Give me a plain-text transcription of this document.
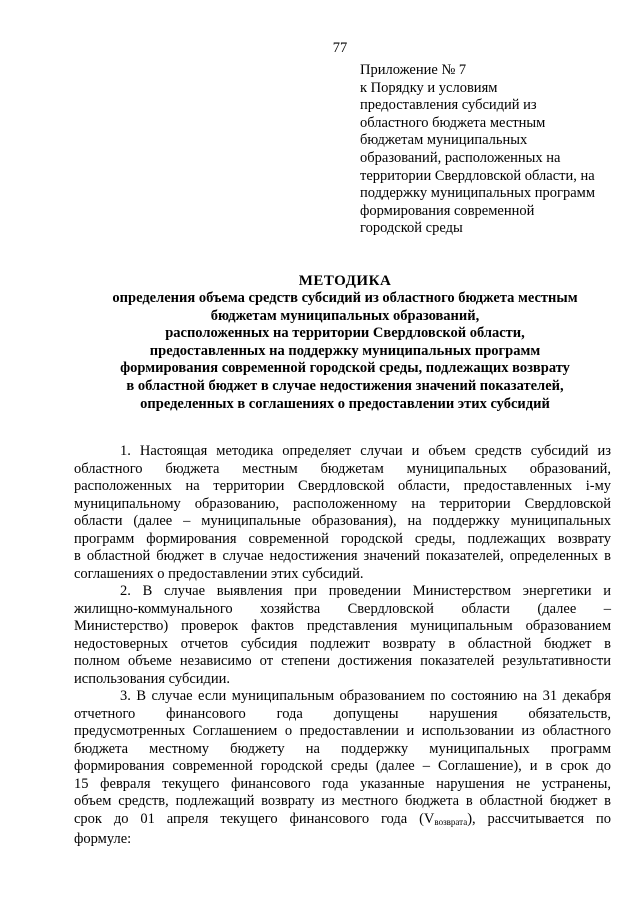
77
Приложение № 7
к Порядку и условиям
предоставления субсидий из
областного бюджета местным
бюджетам муниципальных
образований, расположенных на
территории Свердловской области, на
поддержку муниципальных программ
формирования современной
городской среды
МЕТОДИКА
определения объема средств субсидий из областного бюджета местным
бюджетам муниципальных образований,
расположенных на территории Свердловской области,
предоставленных на поддержку муниципальных программ
формирования современной городской среды, подлежащих возврату
в областной бюджет в случае недостижения значений показателей,
определенных в соглашениях о предоставлении этих субсидий
1. Настоящая методика определяет случаи и объем средств субсидий из
областного бюджета местным бюджетам муниципальных образований,
расположенных на территории Свердловской области, предоставленных i-му
муниципальному образованию, расположенному на территории Свердловской
области (далее – муниципальные образования), на поддержку муниципальных
программ формирования современной городской среды, подлежащих возврату
в областной бюджет в случае недостижения значений показателей, определенных в
соглашениях о предоставлении этих субсидий.
2. В случае выявления при проведении Министерством энергетики и
жилищно-коммунального хозяйства Свердловской области (далее –
Министерство) проверок фактов представления муниципальным образованием
недостоверных отчетов субсидия подлежит возврату в областной бюджет в
полном объеме независимо от степени достижения показателей результативности
использования субсидии.
3. В случае если муниципальным образованием по состоянию на 31 декабря
отчетного финансового года допущены нарушения обязательств,
предусмотренных Соглашением о предоставлении и использовании из областного
бюджета местному бюджету на поддержку муниципальных программ
формирования современной городской среды (далее – Соглашение), и в срок до
15 февраля текущего финансового года указанные нарушения не устранены,
объем средств, подлежащий возврату из местного бюджета в областной бюджет в
срок до 01 апреля текущего финансового года $(V_{возврата})$, рассчитывается по
формуле:
